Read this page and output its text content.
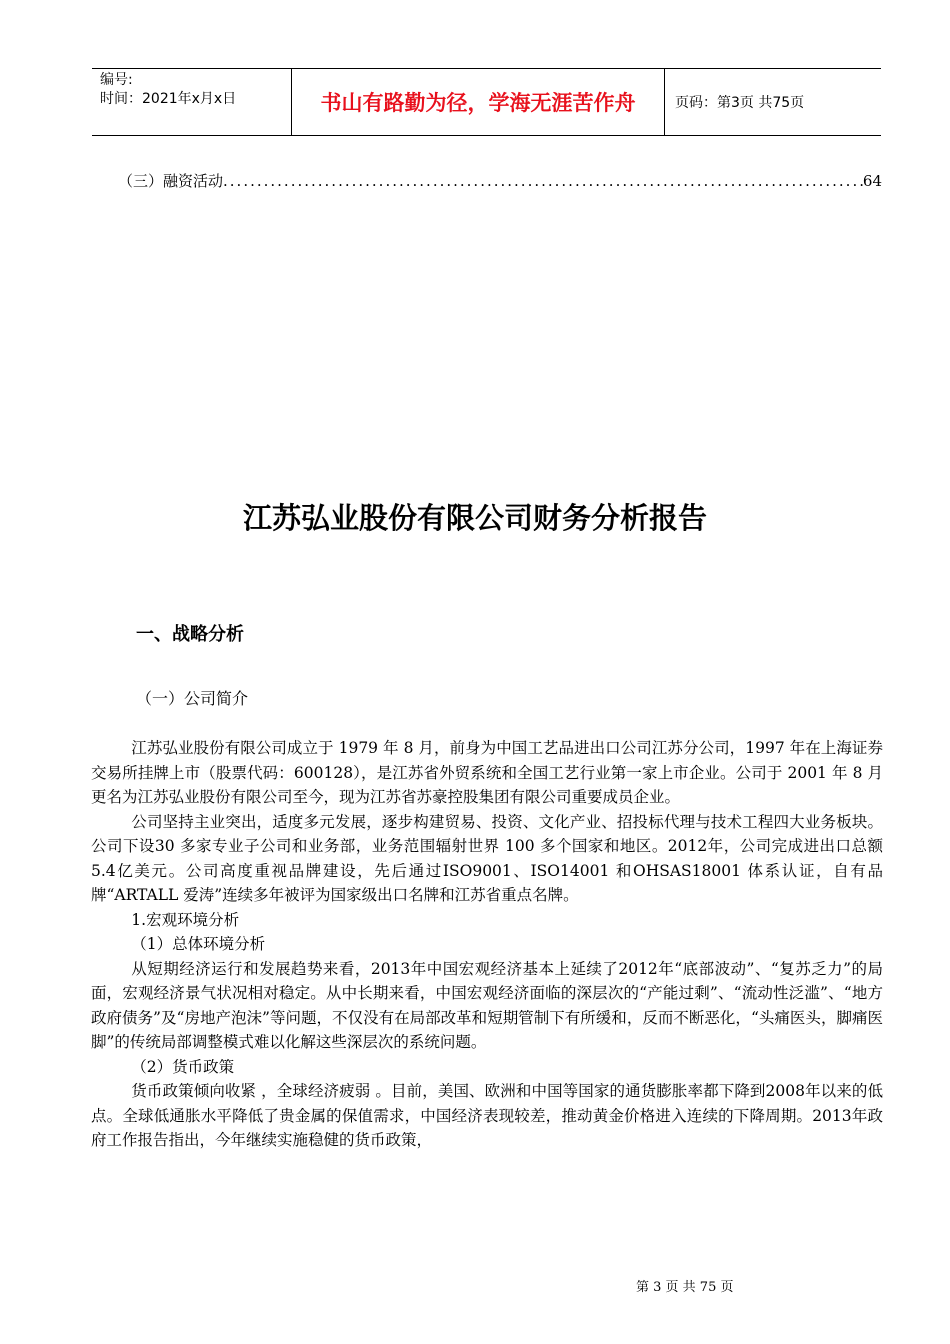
编号:
时间：2021年x月x日	书山有路勤为径，学海无涯苦作舟	页码：第3页 共75页
（三）融资活动
.....	64
江苏弘业股份有限公司财务分析报告
一、战略分析
（一）公司简介

江苏弘业股份有限公司成立于 1979 年 8 月，前身为中国工艺品进出口公司江苏分公司，1997 年在上海证券交易所挂牌上市（股票代码：600128），是江苏省外贸系统和全国工艺行业第一家上市企业。公司于 2001 年 8 月更名为江苏弘业股份有限公司至今，现为江苏省苏豪控股集团有限公司重要成员企业。

公司坚持主业突出，适度多元发展，逐步构建贸易、投资、文化产业、招投标代理与技术工程四大业务板块。公司下设30 多家专业子公司和业务部，业务范围辐射世界 100 多个国家和地区。2012年，公司完成进出口总额5.4亿美元。公司高度重视品牌建设，先后通过ISO9001、ISO14001 和OHSAS18001 体系认证，自有品牌“ARTALL 爱涛”连续多年被评为国家级出口名牌和江苏省重点名牌。

1.宏观环境分析

（1）总体环境分析

从短期经济运行和发展趋势来看，2013年中国宏观经济基本上延续了2012年“底部波动”、“复苏乏力”的局面，宏观经济景气状况相对稳定。从中长期来看，中国宏观经济面临的深层次的“产能过剩”、“流动性泛滥”、“地方政府债务”及“房地产泡沫”等问题，不仅没有在局部改革和短期管制下有所缓和，反而不断恶化，“头痛医头，脚痛医脚”的传统局部调整模式难以化解这些深层次的系统问题。

（2）货币政策

货币政策倾向收紧 ，全球经济疲弱 。目前，美国、欧洲和中国等国家的通货膨胀率都下降到2008年以来的低点。全球低通胀水平降低了贵金属的保值需求，中国经济表现较差，推动黄金价格进入连续的下降周期。2013年政府工作报告指出，今年继续实施稳健的货币政策，

第 3 页 共 75 页
